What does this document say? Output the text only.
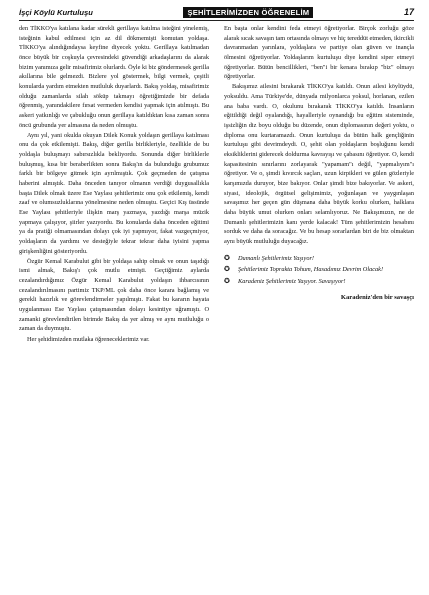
İşçi Köylü Kurtuluşu	ŞEHİTLERİMİZDEN ÖĞRENELİM	17

den TİKKO'ya katılana kadar sürekli gerillaya katılma isteğini yinelemiş, isteğinin kabul edilmesi için az dil dökmemişti komutan yoldaşa. TİKKO'ya alındığındaysa keyfine diyecek yoktu. Gerillaya katılmadan önce büyük bir coşkuyla çevresindeki güvendiği arkadaşlarını da alarak bizim yanımıza gelir misafirimiz olurlardı. Öyle ki biz göndermesek gerilla akıllarına bile gelmezdi. Bizlere yol göstermek, bilgi vermek, çeşitli konularda yardım etmekten mutluluk duyarlardı. Bakış yoldaş, misafirimiz olduğu zamanlarda silah söküp takmayı öğretiğimizde bir defada öğrenmiş, yanındakilere fırsat vermeden kendisi yapmak için atılmıştı. Bu askeri yatkınlığı ve çabukluğu onun gerillaya katıldıktan kısa zaman sonra öncü grubunda yer almasına da neden olmuştu.

Aynı yıl, yani okulda okuyan Dilek Konuk yoldaşın gerillaya katılması onu da çok etkilemişti. Bakış, diğer gerilla birlikleriyle, özellikle de bu yoldaşla buluşmayı sabırsızlıkla bekliyordu. Sonunda diğer birliklerle buluşmuş, kısa bir beraberlikten sonra Bakış'ın da bulunduğu grubumuz farklı bir bölgeye gitmek için ayrılmıştık. Çok geçmeden de çatışma haberini almıştık. Daha önceden tanıyor olmanın verdiği duygusallıkla başta Dilek olmak üzere Ese Yaylası şehitlerimiz onu çok etkilemiş, kendi zaaf ve olumsuzluklarına yönelmesine neden olmuştu. Geçici Kış üssünde Ese Yaylası şehitleriyle ilişkin marş yazmaya, yazdığı marşa müzik yapmaya çalışıyor, şiirler yazıyordu. Bu konularda daha önceden eğitimi ya da pratiği olmamasından dolayı çok iyi yapmıyor, fakat vazgeçmiyor, yoldaşların da yardımı ve desteğiyle tekrar tekrar daha iyisini yapma girişkenliğini gösteriyordu.

Özgür Kemal Karabulut gibi bir yoldaşa sahip olmak ve onun taşıdığı ismi almak, Bakış'ı çok mutlu etmişti. Geçtiğimiz aylarda cezalandırdığımız Özgür Kemal Karabulut yoldaşın ihbarcısının cezalandırılmasını partimiz TKP/ML çok daha önce karara bağlamış ve gerekli hazırlık ve görevlendirmeler yapılmıştı. Fakat bu kararın hayata uygulanması Ese Yaylası çatışmasından dolayı kesintiye uğramıştı. O zamanki görevlendirilen birimde Bakış da yer almış ve aynı mutluluğu o zaman da duymuştu.

Her şehidimizden mutlaka öğreneceklerimiz var.

En başta onlar kendini feda etmeyi öğretiyorlar. Birçok zorluğu göze alarak sıcak savaşın tam ortasında olmayı ve hiç tereddüt etmeden, ikircikli davranmadan yarınlara, yoldaşlara ve partiye olan güven ve inançla ölmesini öğretiyorlar. Yoldaşlarım kurtuluşu diye kendini siper etmeyi öğretiyorlar. Bütün bencillikleri, "ben"i bir kenara bırakıp "biz" olmayı öğretiyorlar.

Bakışımız ailesini bırakarak TİKKO'ya katıldı. Onun ailesi köylüydü, yoksuldu. Ama Türkiye'de, dünyada milyonlarca yoksul, horlanan, ezilen ana baba vardı. O, okulunu bırakarak TİKKO'ya katıldı. İnsanların eğitildiği değil oyalandığı, hayalleriyle oynandığı bu eğitim sisteminde, işsizliğin diz boyu olduğu bu düzende, onun diplomasının değeri yoktu, o diploma onu kurtaramazdı. Onun kurtuluşu da bütün halk gençliğinin kurtuluşu gibi devrimdeydi. O, şehit olan yoldaşların boşluğunu kendi eksikliklerini giderecek doldurma kavrayışı ve çabasını öğretiyor. O, kendi kapasitesinin sınırlarını zorlayarak "yapamam"ı değil, "yapmalıyım"ı öğretiyor. Ve o, şimdi kıvırcık saçları, uzun kirpikleri ve gülen gözleriyle karşımızda duruyor, bize bakıyor. Onlar şimdi bize bakıyorlar. Ve askeri, siyasi, ideolojik, örgütsel gelişimimiz, yoğunlaşan ve yaygınlaşan savaşımız her geçen gün düşmana daha büyük korku olurken, halklara daha büyük umut olurken onları selamlıyoruz. Ne Bakışımızın, ne de Dumanlı şehitlerimizin kanı yerde kalacak! Tüm şehitlerimizin hesabını sorduk ve daha da soracağız. Ve bu hesap sorarlardan biri de biz olmaktan aynı büyük mutluluğu duyacağız.

✪	Dumanlı Şehitlerimiz Yaşıyor!
✪	Şehitlerimiz Toprakta Tohum, Hasadımız Devrim Olacak!
✪	Karadeniz Şehitlerimiz Yaşıyor. Savaşıyor!
Karadeniz'den bir savaşçı
